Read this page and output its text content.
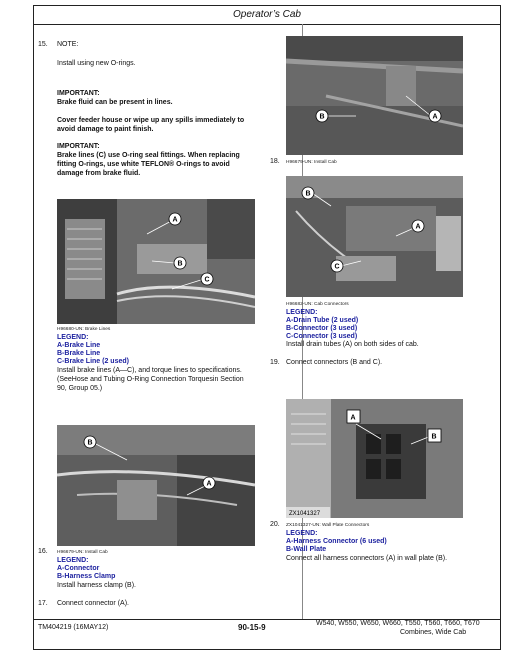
Operator’s Cab
15. NOTE:
Install using new O-rings.
IMPORTANT:
Brake fluid can be present in lines.
Cover feeder house or wipe up any spills immediately to
avoid damage to paint finish.
IMPORTANT:
Brake lines (C) use O-ring seal fittings. When replacing
fitting O-rings, use white TEFLON® O-rings to avoid
damage from brake fluid.
A
B
C
H96680-UN: Brake Lines
LEGEND:
A-Brake Line
B-Brake Line
C-Brake Line (2 used)
Install brake lines (A—C), and torque lines to specifications.
(SeeHose and Tubing O-Ring Connection Torquesin Section
90, Group 05.)
B
A
16. H96679-UN: Install Cab
LEGEND:
A-Connector
B-Harness Clamp
Install harness clamp (B).
17. Connect connector (A).
B	A
18. H96679-UN: Install Cab
B
A
C
H96682-UN: Cab Connectors
LEGEND:
A-Drain Tube (2 used)
B-Connector (3 used)
C-Connector (3 used)
Install drain tubes (A) on both sides of cab.
19. Connect connectors (B and C).
A
B
ZX1041327
20. ZX1041327-UN: Wall Plate Connectors
LEGEND:
A-Harness Connector (6 used)
B-Wall Plate
Connect all harness connectors (A) in wall plate (B).
TM404219 (16MAY12)	90-15-9	W540, W550, W650, W660, T550, T560, T660, T670
Combines, Wide Cab
